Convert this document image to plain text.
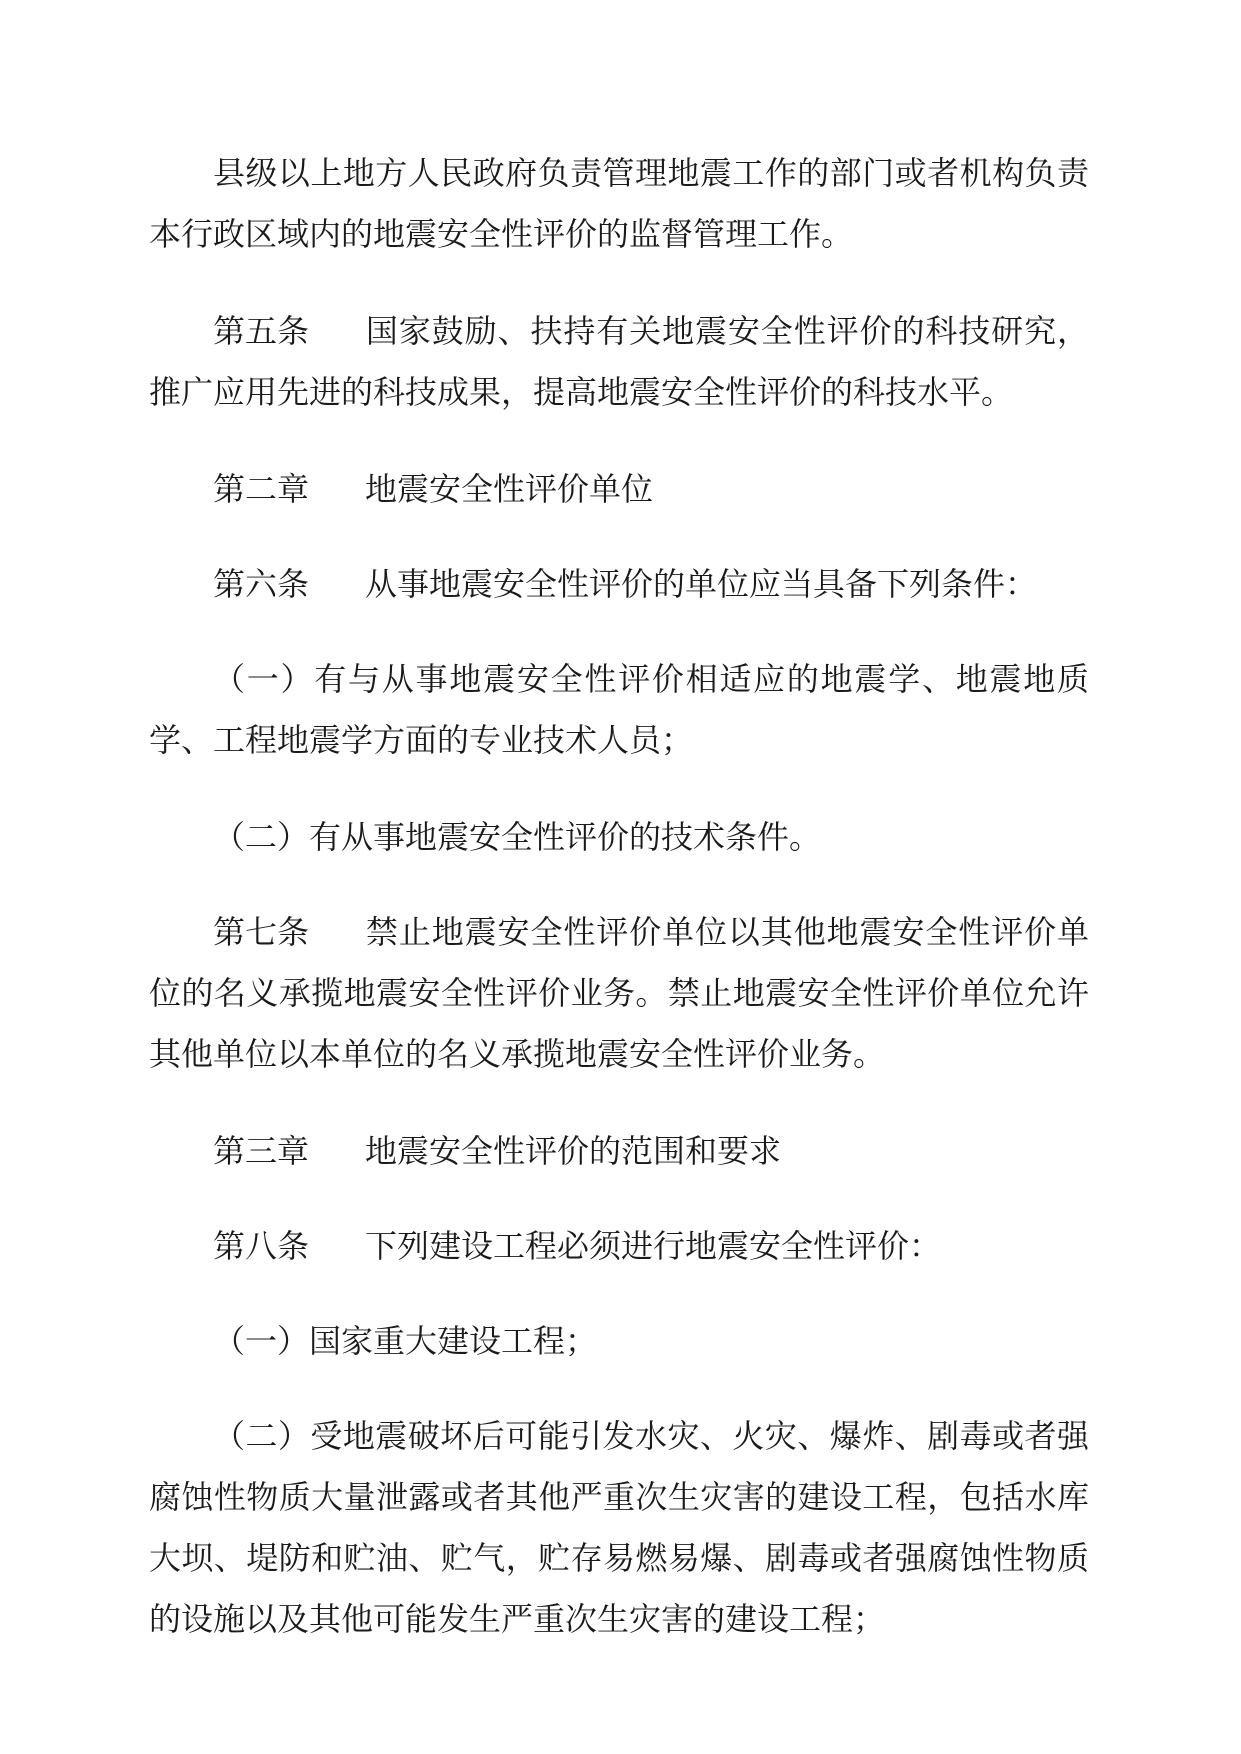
县级以上地方人民政府负责管理地震工作的部门或者机构负责本行政区域内的地震安全性评价的监督管理工作。

第五条 国家鼓励、扶持有关地震安全性评价的科技研究，推广应用先进的科技成果，提高地震安全性评价的科技水平。

第二章 地震安全性评价单位

第六条 从事地震安全性评价的单位应当具备下列条件：

（一）有与从事地震安全性评价相适应的地震学、地震地质学、工程地震学方面的专业技术人员；

（二）有从事地震安全性评价的技术条件。

第七条 禁止地震安全性评价单位以其他地震安全性评价单位的名义承揽地震安全性评价业务。禁止地震安全性评价单位允许其他单位以本单位的名义承揽地震安全性评价业务。

第三章 地震安全性评价的范围和要求

第八条 下列建设工程必须进行地震安全性评价：

（一）国家重大建设工程；

（二）受地震破坏后可能引发水灾、火灾、爆炸、剧毒或者强腐蚀性物质大量泄露或者其他严重次生灾害的建设工程，包括水库大坝、堤防和贮油、贮气，贮存易燃易爆、剧毒或者强腐蚀性物质的设施以及其他可能发生严重次生灾害的建设工程；
